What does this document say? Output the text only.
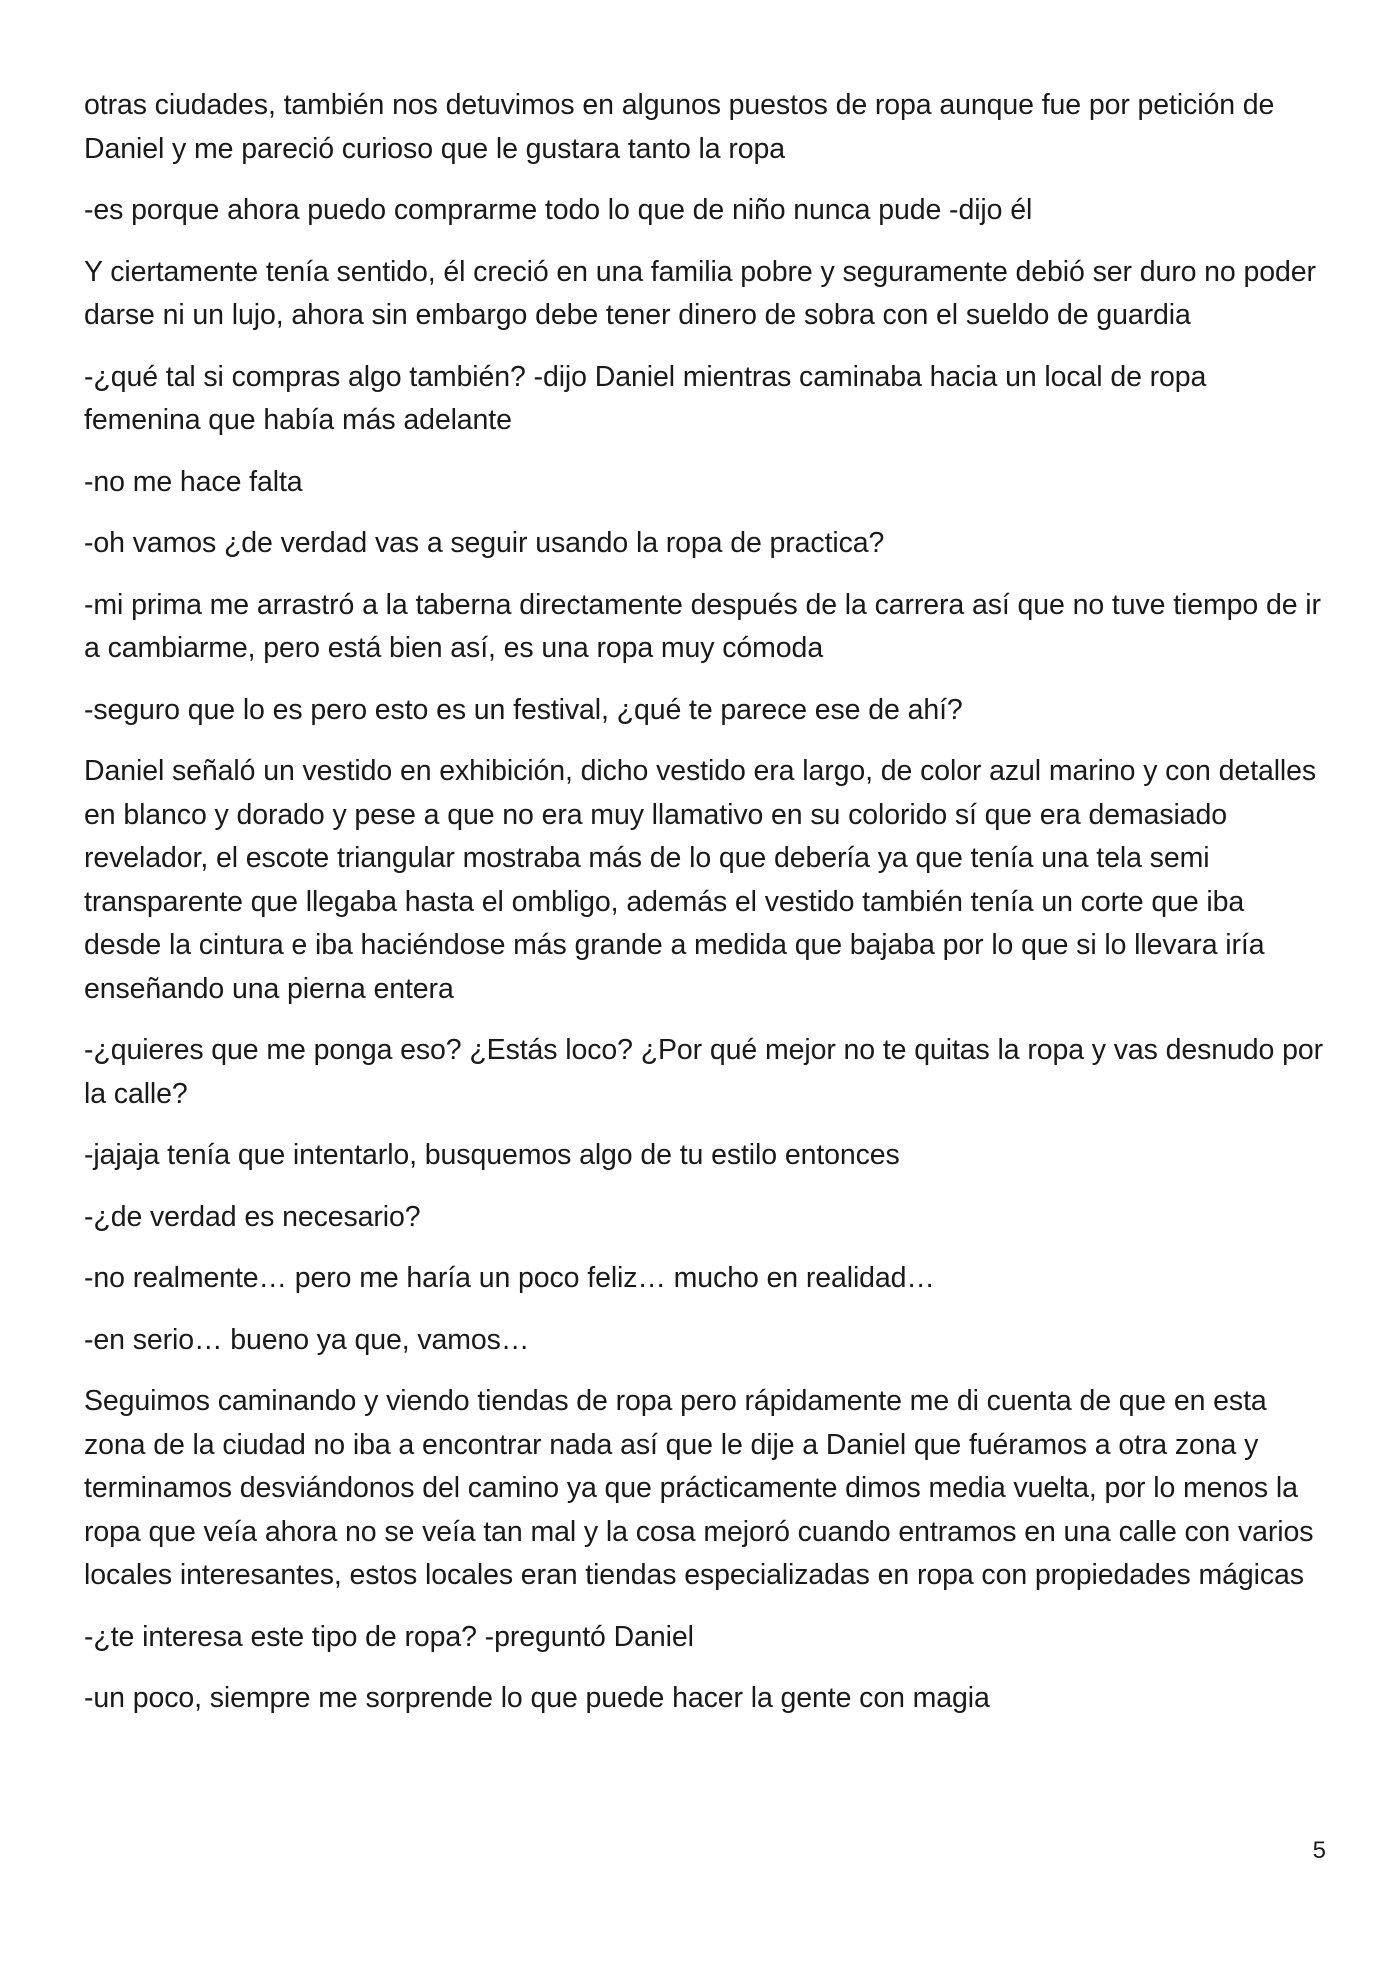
otras ciudades, también nos detuvimos en algunos puestos de ropa aunque fue por petición de Daniel y me pareció curioso que le gustara tanto la ropa

-es porque ahora puedo comprarme todo lo que de niño nunca pude -dijo él

Y ciertamente tenía sentido, él creció en una familia pobre y seguramente debió ser duro no poder darse ni un lujo, ahora sin embargo debe tener dinero de sobra con el sueldo de guardia

-¿qué tal si compras algo también? -dijo Daniel mientras caminaba hacia un local de ropa femenina que había más adelante

-no me hace falta

-oh vamos ¿de verdad vas a seguir usando la ropa de practica?

-mi prima me arrastró a la taberna directamente después de la carrera así que no tuve tiempo de ir a cambiarme, pero está bien así, es una ropa muy cómoda

-seguro que lo es pero esto es un festival, ¿qué te parece ese de ahí?

Daniel señaló un vestido en exhibición, dicho vestido era largo, de color azul marino y con detalles en blanco y dorado y pese a que no era muy llamativo en su colorido sí que era demasiado revelador, el escote triangular mostraba más de lo que debería ya que tenía una tela semi transparente que llegaba hasta el ombligo, además el vestido también tenía un corte que iba desde la cintura e iba haciéndose más grande a medida que bajaba por lo que si lo llevara iría enseñando una pierna entera

-¿quieres que me ponga eso? ¿Estás loco? ¿Por qué mejor no te quitas la ropa y vas desnudo por la calle?

-jajaja tenía que intentarlo, busquemos algo de tu estilo entonces

-¿de verdad es necesario?

-no realmente… pero me haría un poco feliz… mucho en realidad…

-en serio… bueno ya que, vamos…

Seguimos caminando y viendo tiendas de ropa pero rápidamente me di cuenta de que en esta zona de la ciudad no iba a encontrar nada así que le dije a Daniel que fuéramos a otra zona y terminamos desviándonos del camino ya que prácticamente dimos media vuelta, por lo menos la ropa que veía ahora no se veía tan mal y la cosa mejoró cuando entramos en una calle con varios locales interesantes, estos locales eran tiendas especializadas en ropa con propiedades mágicas

-¿te interesa este tipo de ropa? -preguntó Daniel

-un poco, siempre me sorprende lo que puede hacer la gente con magia

5
